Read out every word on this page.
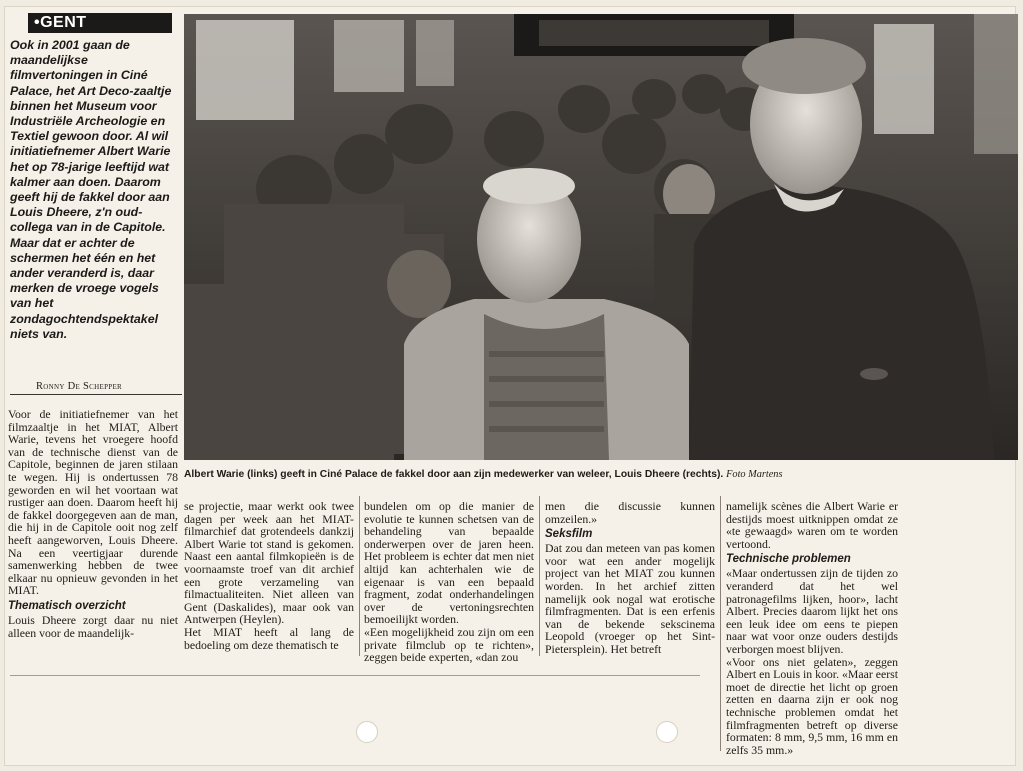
•GENT
Ook in 2001 gaan de maandelijkse filmvertoningen in Ciné Palace, het Art Deco-zaaltje binnen het Museum voor Industriële Archeologie en Textiel gewoon door. Al wil initiatiefnemer Albert Warie het op 78-jarige leeftijd wat kalmer aan doen. Daarom geeft hij de fakkel door aan Louis Dheere, z'n oud-collega van in de Capitole. Maar dat er achter de schermen het één en het ander veranderd is, daar merken de vroege vogels van het zondagochtendspektakel niets van.
Ronny De Schepper

Voor de initiatiefnemer van het filmzaaltje in het MIAT, Albert Warie, tevens het vroegere hoofd van de technische dienst van de Capitole, beginnen de jaren stilaan te wegen. Hij is ondertussen 78 geworden en wil het voortaan wat rustiger aan doen. Daarom heeft hij de fakkel doorgegeven aan de man, die hij in de Capitole ooit nog zelf heeft aangeworven, Louis Dheere. Na een veertigjaar durende samenwerking hebben de twee elkaar nu opnieuw gevonden in het MIAT.

Thematisch overzicht

Louis Dheere zorgt daar nu niet alleen voor de maandelijk-

Albert Warie (links) geeft in Ciné Palace de fakkel door aan zijn medewerker van weleer, Louis Dheere (rechts). Foto Martens

se projectie, maar werkt ook twee dagen per week aan het MIAT-filmarchief dat grotendeels dankzij Albert Warie tot stand is gekomen. Naast een aantal filmkopieën is de voornaamste troef van dit archief een grote verzameling van filmactualiteiten. Niet alleen van Gent (Daskalides), maar ook van Antwerpen (Heylen).

Het MIAT heeft al lang de bedoeling om deze thematisch te

bundelen om op die manier de evolutie te kunnen schetsen van de behandeling van bepaalde onderwerpen over de jaren heen. Het probleem is echter dat men niet altijd kan achterhalen wie de eigenaar is van een bepaald fragment, zodat onderhandelingen over de vertoningsrechten bemoeilijkt worden.

«Een mogelijkheid zou zijn om een private filmclub op te richten», zeggen beide experten, «dan zou

men die discussie kunnen omzeilen.»

Seksfilm

Dat zou dan meteen van pas komen voor wat een ander mogelijk project van het MIAT zou kunnen worden. In het archief zitten namelijk ook nogal wat erotische filmfragmenten. Dat is een erfenis van de bekende sekscinema Leopold (vroeger op het Sint-Pietersplein). Het betreft

namelijk scènes die Albert Warie er destijds moest uitknippen omdat ze «te gewaagd» waren om te worden vertoond.

Technische problemen

«Maar ondertussen zijn de tijden zo veranderd dat het wel patronagefilms lijken, hoor», lacht Albert. Precies daarom lijkt het ons een leuk idee om eens te piepen naar wat voor onze ouders destijds verborgen moest blijven.

«Voor ons niet gelaten», zeggen Albert en Louis in koor. «Maar eerst moet de directie het licht op groen zetten en daarna zijn er ook nog technische problemen omdat het filmfragmenten betreft op diverse formaten: 8 mm, 9,5 mm, 16 mm en zelfs 35 mm.»
